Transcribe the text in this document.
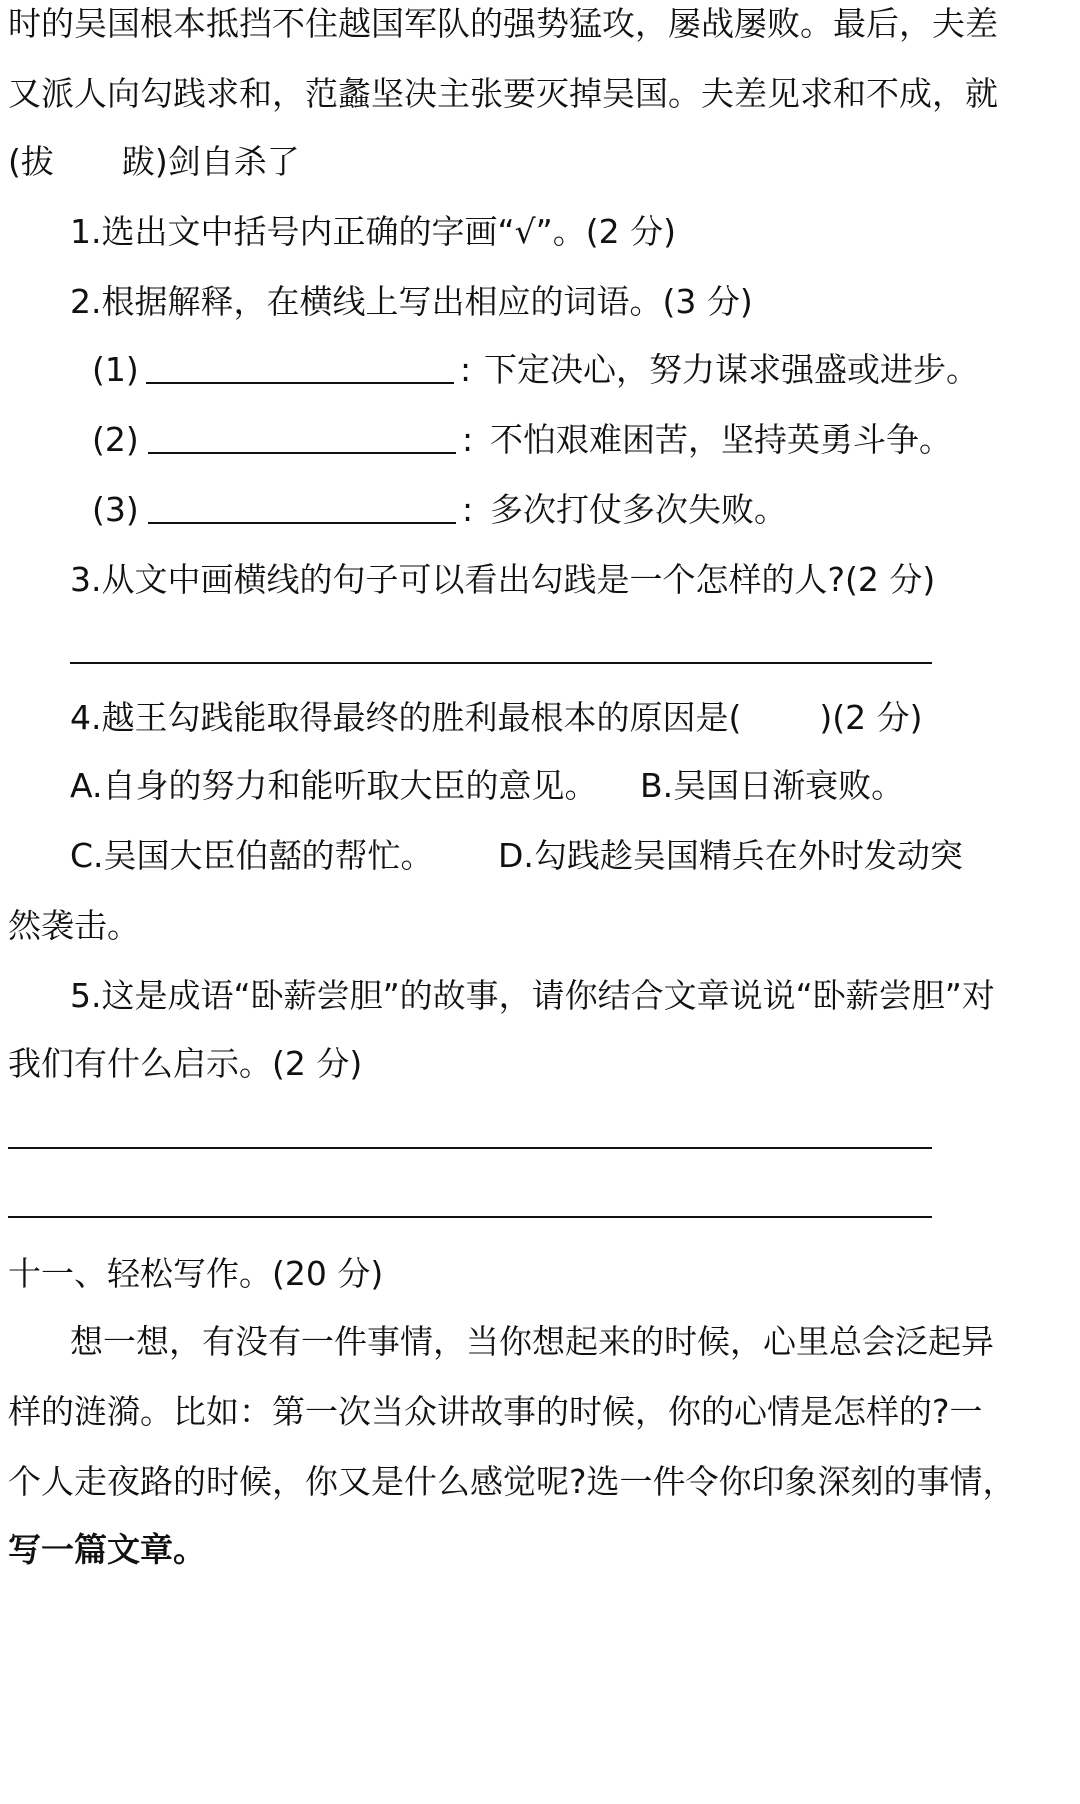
时的吴国根本抵挡不住越国军队的强势猛攻，屡战屡败。最后，夫差
又派人向勾践求和，范蠡坚决主张要灭掉吴国。夫差见求和不成，就
(拔 跋)剑自杀了
1.选出文中括号内正确的字画“√”。(2 分)
2.根据解释，在横线上写出相应的词语。(3 分)
(1)	: 下定决心，努力谋求强盛或进步。
(2)	: 不怕艰难困苦，坚持英勇斗争。
(3)	: 多次打仗多次失败。
3.从文中画横线的句子可以看出勾践是一个怎样的人?(2 分)
4.越王勾践能取得最终的胜利最根本的原因是( )(2 分)
A.自身的努力和能听取大臣的意见。 B.吴国日渐衰败。
C.吴国大臣伯嚭的帮忙。 D.勾践趁吴国精兵在外时发动突
然袭击。
5.这是成语“卧薪尝胆”的故事，请你结合文章说说“卧薪尝胆”对
我们有什么启示。(2 分)
十一、轻松写作。(20 分)
想一想，有没有一件事情，当你想起来的时候，心里总会泛起异
样的涟漪。比如：第一次当众讲故事的时候，你的心情是怎样的?一
个人走夜路的时候，你又是什么感觉呢?选一件令你印象深刻的事情，
写一篇文章。
